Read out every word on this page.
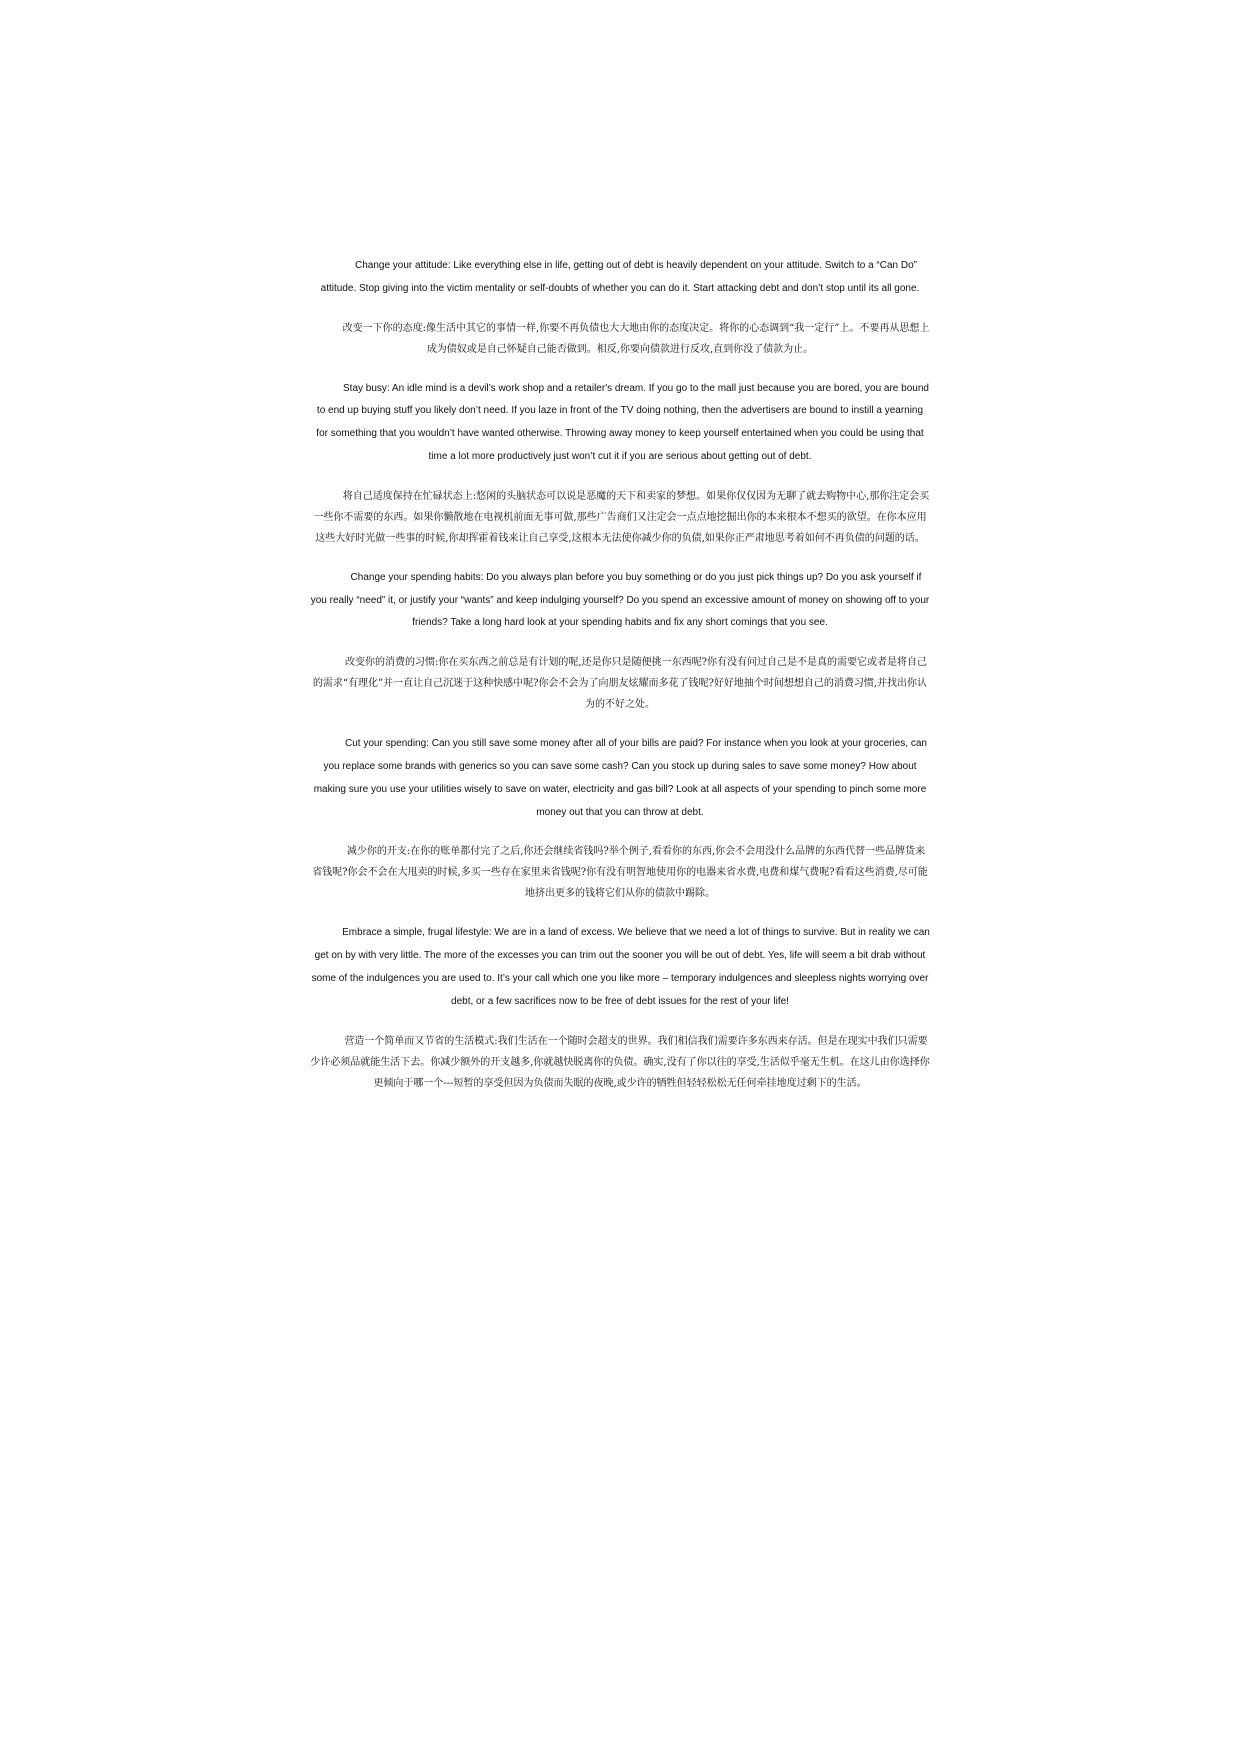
Change your attitude: Like everything else in life, getting out of debt is heavily dependent on your attitude. Switch to a “Can Do” attitude. Stop giving into the victim mentality or self-doubts of whether you can do it. Start attacking debt and don’t stop until its all gone.

改变一下你的态度:像生活中其它的事情一样,你要不再负债也大大地由你的态度决定。将你的心态调到“我一定行”上。不要再从思想上成为债奴或是自己怀疑自己能否做到。相反,你要向债款进行反攻,直到你没了债款为止。

Stay busy: An idle mind is a devil’s work shop and a retailer's dream. If you go to the mall just because you are bored, you are bound to end up buying stuff you likely don’t need. If you laze in front of the TV doing nothing, then the advertisers are bound to instill a yearning for something that you wouldn’t have wanted otherwise. Throwing away money to keep yourself entertained when you could be using that time a lot more productively just won’t cut it if you are serious about getting out of debt.

将自己适度保持在忙碌状态上:悠闲的头脑状态可以说是恶魔的天下和卖家的梦想。如果你仅仅因为无聊了就去购物中心,那你注定会买一些你不需要的东西。如果你懒散地在电视机前面无事可做,那些广告商们又注定会一点点地挖掘出你的本来根本不想买的欲望。在你本应用这些大好时光做一些事的时候,你却挥霍着钱来让自己享受,这根本无法使你减少你的负债,如果你正严肃地思考着如何不再负债的问题的话。

Change your spending habits: Do you always plan before you buy something or do you just pick things up? Do you ask yourself if you really “need” it, or justify your “wants” and keep indulging yourself? Do you spend an excessive amount of money on showing off to your friends? Take a long hard look at your spending habits and fix any short comings that you see.

改变你的消费的习惯:你在买东西之前总是有计划的呢,还是你只是随便挑一东西呢?你有没有问过自己是不是真的需要它或者是将自己的需求“有理化”并一直让自己沉迷于这种快感中呢?你会不会为了向朋友炫耀而多花了钱呢?好好地抽个时间想想自己的消费习惯,并找出你认为的不好之处。

Cut your spending: Can you still save some money after all of your bills are paid? For instance when you look at your groceries, can you replace some brands with generics so you can save some cash? Can you stock up during sales to save some money? How about making sure you use your utilities wisely to save on water, electricity and gas bill? Look at all aspects of your spending to pinch some more money out that you can throw at debt.

减少你的开支:在你的账单都付完了之后,你还会继续省钱吗?举个例子,看看你的东西,你会不会用没什么品牌的东西代替一些品牌货来省钱呢?你会不会在大甩卖的时候,多买一些存在家里来省钱呢?你有没有明智地使用你的电器来省水费,电费和煤气费呢?看看这些消费,尽可能地挤出更多的钱将它们从你的债款中踢除。

Embrace a simple, frugal lifestyle: We are in a land of excess. We believe that we need a lot of things to survive. But in reality we can get on by with very little. The more of the excesses you can trim out the sooner you will be out of debt. Yes, life will seem a bit drab without some of the indulgences you are used to. It’s your call which one you like more – temporary indulgences and sleepless nights worrying over debt, or a few sacrifices now to be free of debt issues for the rest of your life!

营造一个简单而又节省的生活模式:我们生活在一个随时会超支的世界。我们相信我们需要许多东西来存活。但是在现实中我们只需要少许必须品就能生活下去。你减少额外的开支越多,你就越快脱离你的负债。确实,没有了你以往的享受,生活似乎毫无生机。在这儿由你选择你更倾向于哪一个---短暂的享受但因为负债而失眠的夜晚,或少许的牺牲但轻轻松松无任何牵挂地度过剩下的生活。
